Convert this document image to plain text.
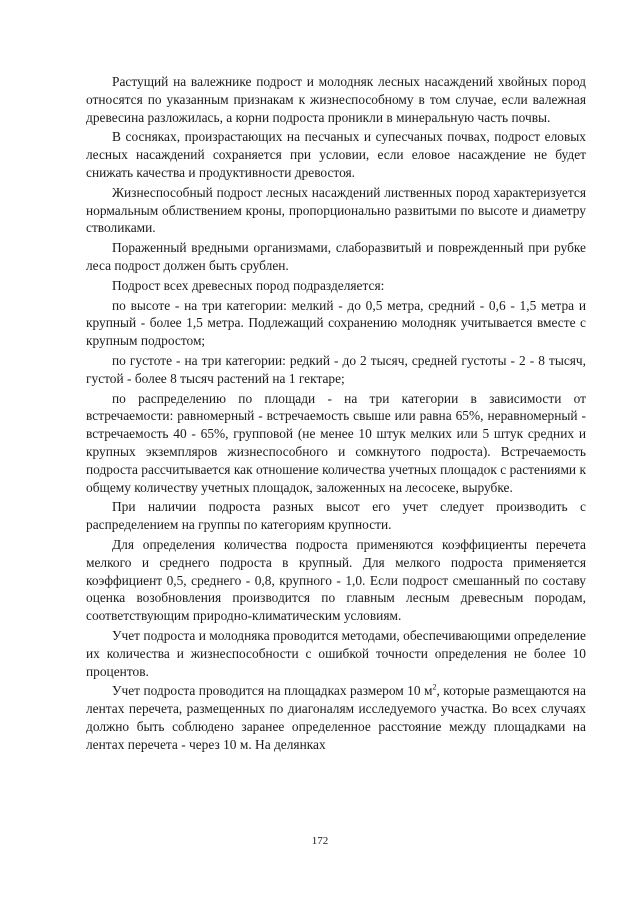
Растущий на валежнике подрост и молодняк лесных насаждений хвойных пород относятся по указанным признакам к жизнеспособному в том случае, если валежная древесина разложилась, а корни подроста проникли в минеральную часть почвы.

В сосняках, произрастающих на песчаных и супесчаных почвах, подрост еловых лесных насаждений сохраняется при условии, если еловое насаждение не будет снижать качества и продуктивности древостоя.

Жизнеспособный подрост лесных насаждений лиственных пород характеризуется нормальным облиствением кроны, пропорционально развитыми по высоте и диаметру стволиками.

Пораженный вредными организмами, слаборазвитый и поврежденный при рубке леса подрост должен быть срублен.

Подрост всех древесных пород подразделяется:

по высоте - на три категории: мелкий - до 0,5 метра, средний - 0,6 - 1,5 метра и крупный - более 1,5 метра. Подлежащий сохранению молодняк учитывается вместе с крупным подростом;

по густоте - на три категории: редкий - до 2 тысяч, средней густоты - 2 - 8 тысяч, густой - более 8 тысяч растений на 1 гектаре;

по распределению по площади - на три категории в зависимости от встречаемости: равномерный - встречаемость свыше или равна 65%, неравномерный - встречаемость 40 - 65%, групповой (не менее 10 штук мелких или 5 штук средних и крупных экземпляров жизнеспособного и сомкнутого подроста). Встречаемость подроста рассчитывается как отношение количества учетных площадок с растениями к общему количеству учетных площадок, заложенных на лесосеке, вырубке.

При наличии подроста разных высот его учет следует производить с распределением на группы по категориям крупности.

Для определения количества подроста применяются коэффициенты перечета мелкого и среднего подроста в крупный. Для мелкого подроста применяется коэффициент 0,5, среднего - 0,8, крупного - 1,0. Если подрост смешанный по составу оценка возобновления производится по главным лесным древесным породам, соответствующим природно-климатическим условиям.

Учет подроста и молодняка проводится методами, обеспечивающими определение их количества и жизнеспособности с ошибкой точности определения не более 10 процентов.

Учет подроста проводится на площадках размером 10 $м^2$, которые размещаются на лентах перечета, размещенных по диагоналям исследуемого участка. Во всех случаях должно быть соблюдено заранее определенное расстояние между площадками на лентах перечета - через 10 м. На делянках

172
